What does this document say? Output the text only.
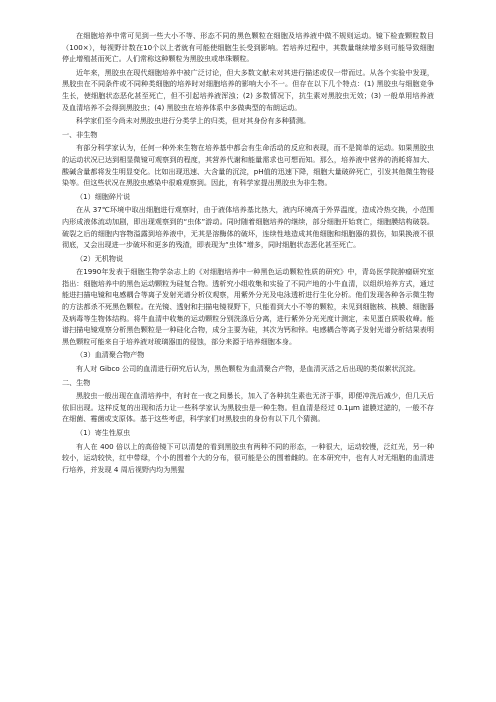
在细胞培养中常可见到一些大小不等、形态不同的黑色颗粒在细胞及培养液中做不规则运动。镜下检查颗粒数目（100×），每视野计数在10个以上者就有可能使细胞生长受到影响。若培养过程中，其数量继续增多则可能导致细胞停止增殖甚而死亡。人们常称这种颗粒为黑胶虫或串珠颗粒。

近年来，黑胶虫在现代细胞培养中被广泛讨论，但大多数文献未对其进行描述或仅一带而过。从各个实验中发现，黑胶虫在不同条件或不同种类细胞的培养时对细胞培养的影响大小不一。但存在以下几个特点：(1) 黑胶虫与细胞竞争生长，使细胞状态恶化甚至死亡，但不引起培养液浑浊；(2) 多数情况下，抗生素对黑胶虫无效；(3) 一般单用培养液及血清培养不会得到黑胶虫；(4) 黑胶虫在培养体系中多做典型的布朗运动。

科学家们至今尚未对黑胶虫进行分类学上的归类，但对其身份有多种猜测。

一、非生物

有部分科学家认为，任何一种外来生物在培养基中都会有生命活动的反应和表现，而不是简单的运动。如果黑胶虫的运动状况已达到相显微镜可观察到的程度，其营养代谢和能量需求也可想而知。那么，培养液中营养的消耗将加大、酸碱含量都将发生明显变化。比如出现迅速、大含量的沉淀，pH值的迅速下降，细胞大量破碎死亡，引发其他微生物侵染等。但这些状况在黑胶虫感染中很难观察到。因此，有科学家提出黑胶虫为非生物。

（1）细胞碎片说

在从 37℃环境中取出细胞进行观察时，由于液体培养基比热大，液内环境高于外界温度，造成冷热交换，小范围内形成液体流动加剧，即出现观察到的“虫体”游动。同时随着细胞培养的继续，部分细胞开始衰亡，细胞膜结构破裂。破裂之后的细胞内容物溢露到培养液中，无其是溶酶体的破坏，连续性地造成其他细胞和细胞器的损伤，如果换液不很彻底，又会出现进一步破坏和更多的残渣，即表现为“虫体”增多，同时细胞状态恶化甚至死亡。

（2）无机物说

在1990年发表于细胞生物学杂志上的《对细胞培养中一种黑色运动颗粒性质的研究》中，青岛医学院肿瘤研究室指出：细胞培养中的黑色运动颗粒为硅复合物。透析究小组收集和实验了不同产地的小牛血清，以组织培养方式，通过能进扫描电镜和电感耦合等离子发射光谱分析仪观察，用紫外分光及电泳透析进行生化分析。他们发现各种各示微生物的方法都杀不死黑色颗粒。在光镜、透射和扫描电镜视野下，只能看到大小不等的颗粒，未见到细胞核、核膜、细胞器及病毒等生物体结构。将牛血清中收集的运动颗粒分别洗涤后分离，进行紫外分光光度计测定，未见蛋白质吸收峰。能谱扫描电镜观察分析黑色颗粒是一种硅化合物，成分主要为硅，其次为钙和锌。电感耦合等离子发射光谱分析结果表明黑色颗粒可能来自于培养液对玻璃器皿的侵蚀，部分来源于培养细胞本身。

（3）血清聚合物产物

有人对 Gibco 公司的血清进行研究后认为，黑色颗粒为血清聚合产物，是血清灭活之后出现的类似絮状沉淀。

二、生物

黑胶虫一般出现在血清培养中，有时在一夜之间暴长，加入了各种抗生素也无济于事，即便冲洗后减少，但几天后依旧出现。这样反复的出现和活力让一些科学家认为黑胶虫是一种生物。但血清是经过 0.1μm 滤膜过滤的，一般不存在细菌、霉菌或支原体。基于这些考虑，科学家们对黑胶虫的身份有以下几个猜测。

（1）寄生性原虫

有人在 400 倍以上的高倍镜下可以清楚的看到黑胶虫有两种不同的形态，一种很大，运动较慢，泛红光，另一种较小，运动较快，红中带绿，个小的围着个大的分布，很可能是公的围着雌的。在本研究中，也有人对无细胞的血清进行培养，并发现 4 周后视野内均为黑猩
